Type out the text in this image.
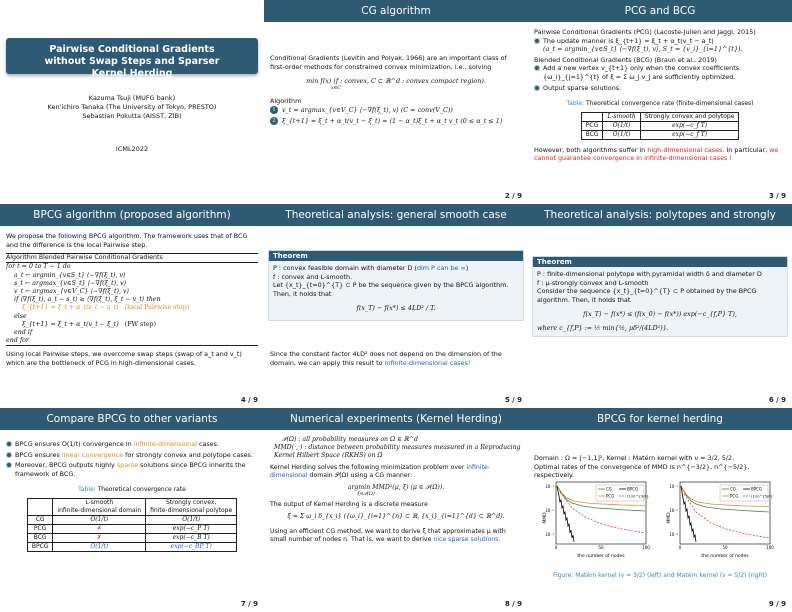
Pairwise Conditional Gradients without Swap Steps and Sparser Kernel Herding
Kazuma Tsuji (MUFG bank)
Ken'ichiro Tanaka (The University of Tokyo, PRESTO)
Sebastian Pokutta (AISST, ZIB)
ICML2022
CG algorithm

Conditional Gradients (Levitin and Polyak, 1966) are an important class of first-order methods for constrained convex minimization, i.e., solving

min f(x) (f : convex, C ⊂ ℝ^d : convex compact region).
x∈C

Algorithm

1 v_t = argmax_{v∈V_C} ⟨−∇f(ξ_t), v⟩ (C = conv(V_C))
2 ξ_{t+1} = ξ_t + α_t(v_t − ξ_t) = (1 − α_t)ξ_t + α_t v_t (0 ≤ α_t ≤ 1)
2 / 9
PCG and BCG
Pairwise Conditional Gradients (PCG) (Lacoste-Julien and Jaggi, 2015)
The update manner is ξ_{t+1} = ξ_t + α_t(v_t − a_t)
(a_t = argmin_{v∈S_t} ⟨−∇f(ξ_t), v⟩, S_t = {v_i}_{i=1}^{t}).
Blended Conditional Gradients (BCG) (Braun et al., 2019)
Add a new vertex v_{t+1} only when the convex coefficients {ω_i}_{j=1}^{t} of ξ = Σ ω_j v_j are sufficiently optimized.
Output sparse solutions.
Table: Theoretical convergence rate (finite-dimensional cases)
	L-smooth	Strongly convex and polytope
PCG	O(1/t)	exp(−c_f T)
BCG	O(1/t)	exp(−c_f T)

However, both algorithms suffer in high-dimensional cases. In particular, we cannot guarantee convergence in infinite-dimensional cases !

3 / 9
BPCG algorithm (proposed algorithm)

We propose the following BPCG algorithm. The framework uses that of BCG and the difference is the local Pairwise step.

Algorithm Blended Pairwise Conditional Gradients
for t = 0 to T − 1 do
a_t ← argmin_{v∈S_t} ⟨−∇f(ξ_t), v⟩
s_t ← argmax_{v∈S_t} ⟨−∇f(ξ_t), v⟩
v_t ← argmax_{v∈V_C} ⟨−∇f(ξ_t), v⟩
if ⟨∇f(ξ_t), a_t − s_t⟩ ≥ ⟨∇f(ξ_t), ξ_t − v_t⟩ then
ξ_{t+1} = ξ_t + α_t(s_t − a_t) (local Pairwise step)
else
ξ_{t+1} = ξ_t + α_t(v_t − ξ_t) (FW step)
end if
end for

Using local Pairwise steps, we overcome swap steps (swap of a_t and v_t) which are the bottleneck of PCG in high-dimensional cases.

4 / 9
Theoretical analysis: general smooth case
Theorem
P : convex feasible domain with diameter D (dim P can be ∞)
f : convex and L-smooth.
Let {x_t}_{t=0}^{T} ⊂ P be the sequence given by the BPCG algorithm. Then, it holds that
f(x_T) − f(x*) ≤ 4LD² / T.

Since the constant factor 4LD² does not depend on the dimension of the domain, we can apply this result to infinite-dimensional cases!

5 / 9
Theoretical analysis: polytopes and strongly convex case
Theorem
P : finite-dimensional polytope with pyramidal width δ and diameter D
f : μ-strongly convex and L-smooth
Consider the sequence {x_t}_{t=0}^{T} ⊂ P obtained by the BPCG algorithm. Then, it holds that
f(x_T) − f(x*) ≤ (f(x_0) − f(x*)) exp(−c_{f,P} T),
where c_{f,P} := ½ min{½, μδ²/(4LD²)}.
6 / 9
Compare BPCG to other variants
BPCG ensures O(1/t) convergence in infinite-dimensional cases.
BPCG ensures linear convergence for strongly convex and polytope cases.
Moreover, BPCG outputs highly sparse solutions since BPCG inherits the framework of BCG.
Table: Theoretical convergence rate
	L-smooth
infinite-dimensional domain	Strongly convex,
finite-dimensional polytope
CG	O(1/t)	O(1/t)
PCG	✗	exp(−c_P T)
BCG	✗	exp(−c_B T)
BPCG	O(1/t)	exp(−c_BP T)
7 / 9
Numerical experiments (Kernel Herding)
𝒫(Ω) : all probability measures on Ω ∈ ℝ^d
MMD(·,·) : distance between probability measures measured in a Reproducing Kernel Hilbert Space (RKHS) on Ω

Kernel Herding solves the following minimization problem over infinite-dimensional domain 𝒫(Ω) using a CG manner:

argmin MMD²(μ, ξ) (μ ∈ 𝒫(Ω)).
ξ∈𝒫(Ω)

The output of Kernel Herding is a discrete measure

ξ = Σ ω_i δ_{x_i} ({ω_i}_{i=1}^{n} ⊂ ℝ, {x_i}_{i=1}^{d} ⊂ ℝ^d).

Using an efficient CG method, we want to derive ξ that approximates μ with small number of nodes n. That is, we want to derive nice sparse solutions.

8 / 9
BPCG for kernel herding
Domain : Ω = [−1,1]², Kernel : Matérn kernel with ν = 3/2, 5/2.
Optimal rates of the convergence of MMD is n^{−3/2}, n^{−5/2}, respectively.
10⁻¹
10⁻²
10⁻³
0	50	100
MMD
the number of nodes
CG	BPCG
PCG	(1/n)^{3/4}
10⁻¹
10⁻²
10⁻³
0	50	100
MMD
the number of nodes
CG	BPCG
PCG	(1/n)^{5/4}
Figure: Matérn kernel (ν = 3/2) (left) and Matérn kernel (ν = 5/2) (right)
9 / 9
